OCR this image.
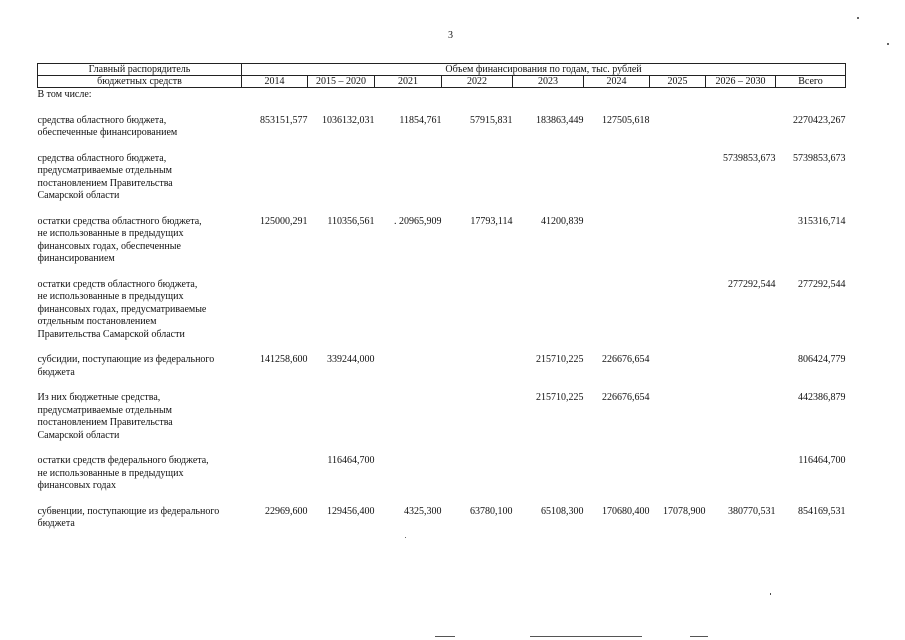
3
Главный распорядитель	Объем финансирования по годам, тыс. рублей								
бюджетных средств	2014	2015 – 2020	2021	2022	2023	2024	2025	2026 – 2030	Всего
В том числе:									

средства областного бюджета,
обеспеченные финансированием	853151,577	1036132,031	11854,761	57915,831	183863,449	127505,618			2270423,267

средства областного бюджета,
предусматриваемые отдельным
постановлением Правительства
Самарской области								5739853,673	5739853,673

остатки средства областного бюджета,
не использованные в предыдущих
финансовых годах, обеспеченные
финансированием	125000,291	110356,561	. 20965,909	17793,114	41200,839				315316,714

остатки средств областного бюджета,
не использованные в предыдущих
финансовых годах, предусматриваемые
отдельным постановлением
Правительства Самарской области								277292,544	277292,544

субсидии, поступающие из федерального
бюджета	141258,600	339244,000			215710,225	226676,654			806424,779

Из них бюджетные средства,
предусматриваемые отдельным
постановлением Правительства
Самарской области					215710,225	226676,654			442386,879

остатки средств федерального бюджета,
не использованные в предыдущих
финансовых годах		116464,700							116464,700

субвенции, поступающие из федерального
бюджета	22969,600	129456,400	4325,300	63780,100	65108,300	170680,400	17078,900	380770,531	854169,531
